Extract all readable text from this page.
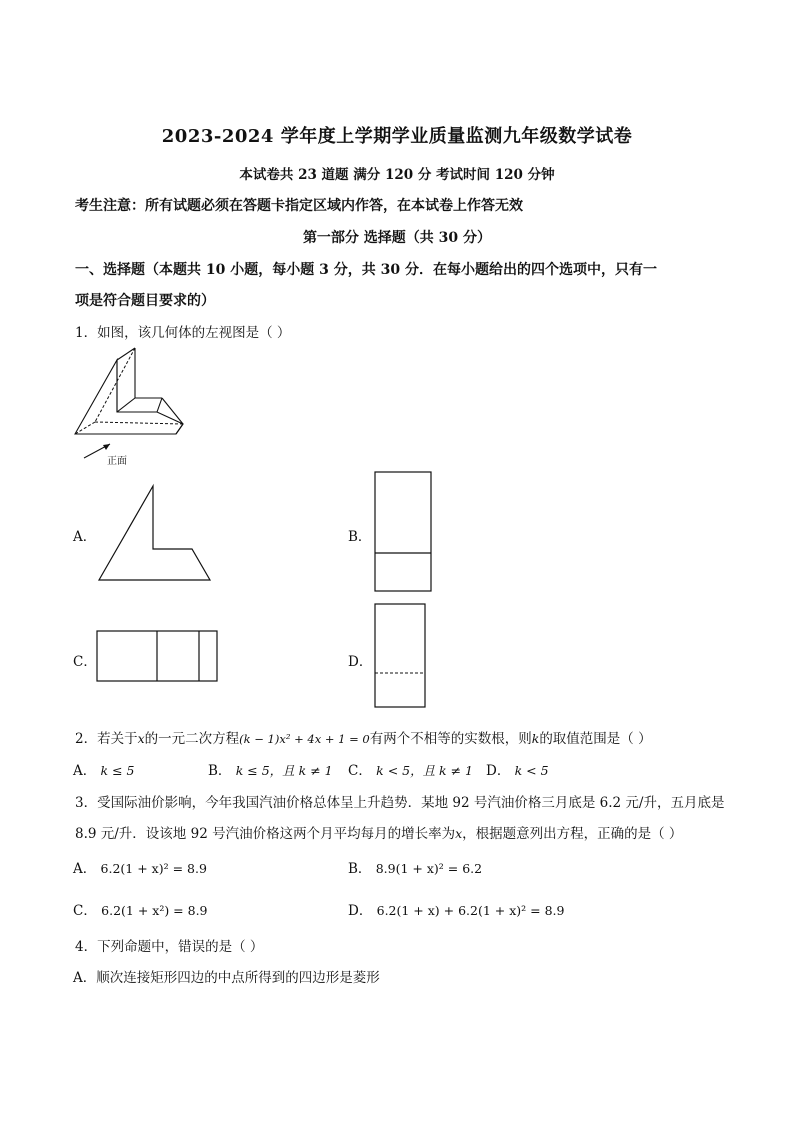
2023-2024 学年度上学期学业质量监测九年级数学试卷
本试卷共 23 道题 满分 120 分 考试时间 120 分钟
考生注意：所有试题必须在答题卡指定区域内作答，在本试卷上作答无效
第一部分 选择题（共 30 分）
一、选择题（本题共 10 小题，每小题 3 分，共 30 分．在每小题给出的四个选项中，只有一
项是符合题目要求的）
1．如图，该几何体的左视图是（ ）
正面
A．	B．
C．	D．
2．若关于x的一元二次方程(k − 1)x² + 4x + 1 = 0有两个不相等的实数根，则k的取值范围是（ ）
A． k ≤ 5	B． k ≤ 5，且 k ≠ 1 C． k < 5，且 k ≠ 1 D． k < 5
3．受国际油价影响，今年我国汽油价格总体呈上升趋势．某地 92 号汽油价格三月底是 6.2 元/升，五月底是
8.9 元/升．设该地 92 号汽油价格这两个月平均每月的增长率为x，根据题意列出方程，正确的是（ ）
A． 6.2(1 + x)² = 8.9	B． 8.9(1 + x)² = 6.2
C． 6.2(1 + x²) = 8.9	D． 6.2(1 + x) + 6.2(1 + x)² = 8.9
4．下列命题中，错误的是（ ）
A．顺次连接矩形四边的中点所得到的四边形是菱形
